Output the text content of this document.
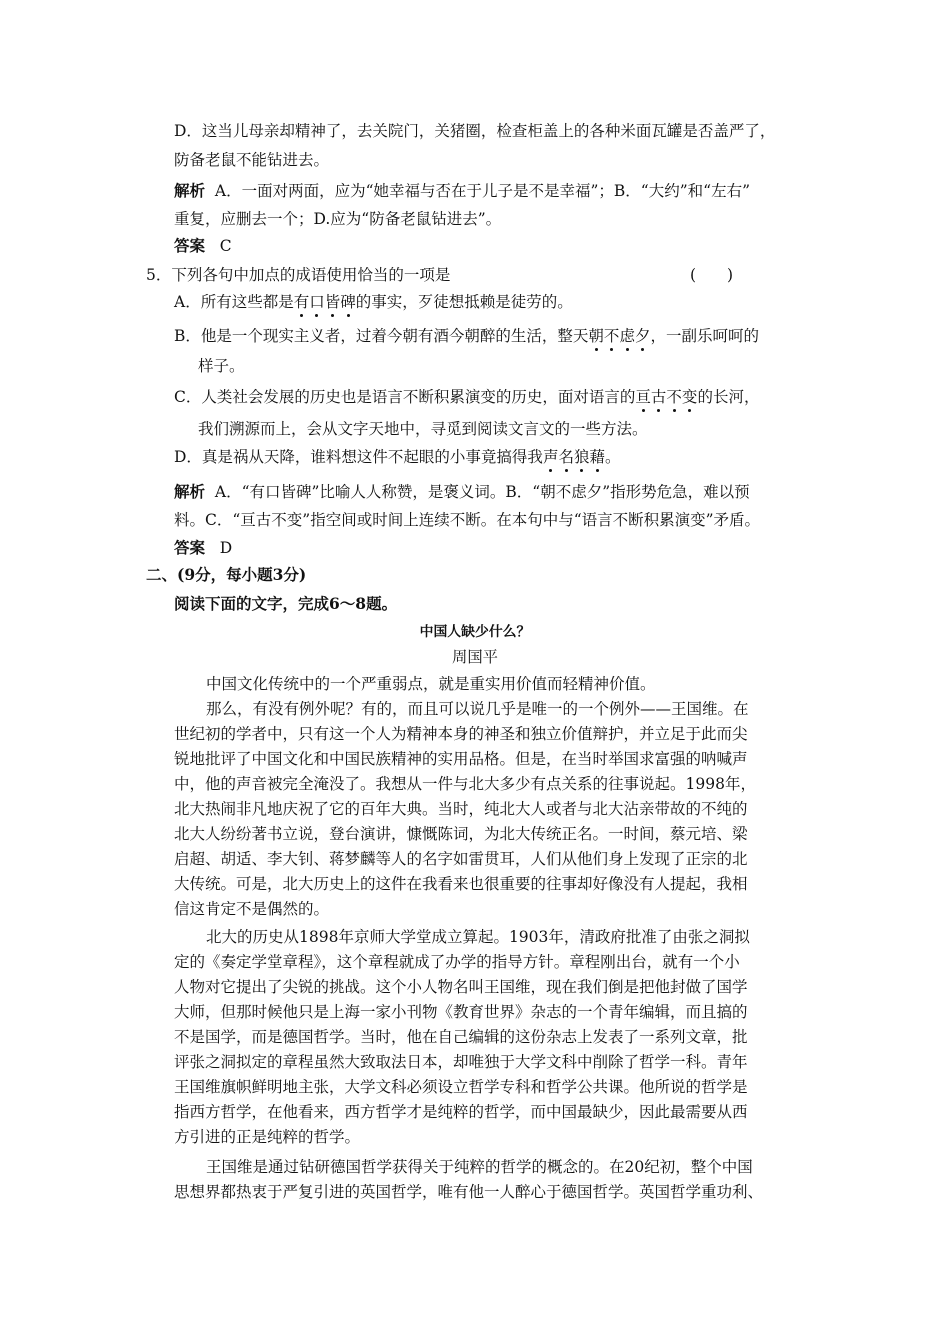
D．这当儿母亲却精神了，去关院门，关猪圈，检查柜盖上的各种米面瓦罐是否盖严了，
防备老鼠不能钻进去。
解析 A．一面对两面，应为“她幸福与否在于儿子是不是幸福”；B．“大约”和“左右”
重复，应删去一个；D.应为“防备老鼠钻进去”。
答案 C
5．下列各句中加点的成语使用恰当的一项是	(　　)
A．所有这些都是有口皆碑的事实，歹徒想抵赖是徒劳的。
B．他是一个现实主义者，过着今朝有酒今朝醉的生活，整天朝不虑夕，一副乐呵呵的
样子。
C．人类社会发展的历史也是语言不断积累演变的历史，面对语言的亘古不变的长河，
我们溯源而上，会从文字天地中，寻觅到阅读文言文的一些方法。
D．真是祸从天降，谁料想这件不起眼的小事竟搞得我声名狼藉。
解析 A．“有口皆碑”比喻人人称赞，是褒义词。B．“朝不虑夕”指形势危急，难以预
料。C．“亘古不变”指空间或时间上连续不断。在本句中与“语言不断积累演变”矛盾。
答案 D
二、(9分，每小题3分)
阅读下面的文字，完成6～8题。
中国人缺少什么？
周国平
中国文化传统中的一个严重弱点，就是重实用价值而轻精神价值。
那么，有没有例外呢？有的，而且可以说几乎是唯一的一个例外——王国维。在
世纪初的学者中，只有这一个人为精神本身的神圣和独立价值辩护，并立足于此而尖
锐地批评了中国文化和中国民族精神的实用品格。但是，在当时举国求富强的呐喊声
中，他的声音被完全淹没了。我想从一件与北大多少有点关系的往事说起。1998年，
北大热闹非凡地庆祝了它的百年大典。当时，纯北大人或者与北大沾亲带故的不纯的
北大人纷纷著书立说，登台演讲，慷慨陈词，为北大传统正名。一时间，蔡元培、梁
启超、胡适、李大钊、蒋梦麟等人的名字如雷贯耳，人们从他们身上发现了正宗的北
大传统。可是，北大历史上的这件在我看来也很重要的往事却好像没有人提起，我相
信这肯定不是偶然的。
北大的历史从1898年京师大学堂成立算起。1903年，清政府批准了由张之洞拟
定的《奏定学堂章程》，这个章程就成了办学的指导方针。章程刚出台，就有一个小
人物对它提出了尖锐的挑战。这个小人物名叫王国维，现在我们倒是把他封做了国学
大师，但那时候他只是上海一家小刊物《教育世界》杂志的一个青年编辑，而且搞的
不是国学，而是德国哲学。当时，他在自己编辑的这份杂志上发表了一系列文章，批
评张之洞拟定的章程虽然大致取法日本，却唯独于大学文科中削除了哲学一科。青年
王国维旗帜鲜明地主张，大学文科必须设立哲学专科和哲学公共课。他所说的哲学是
指西方哲学，在他看来，西方哲学才是纯粹的哲学，而中国最缺少，因此最需要从西
方引进的正是纯粹的哲学。
王国维是通过钻研德国哲学获得关于纯粹的哲学的概念的。在20纪初，整个中国
思想界都热衷于严复引进的英国哲学，唯有他一人醉心于德国哲学。英国哲学重功利、
